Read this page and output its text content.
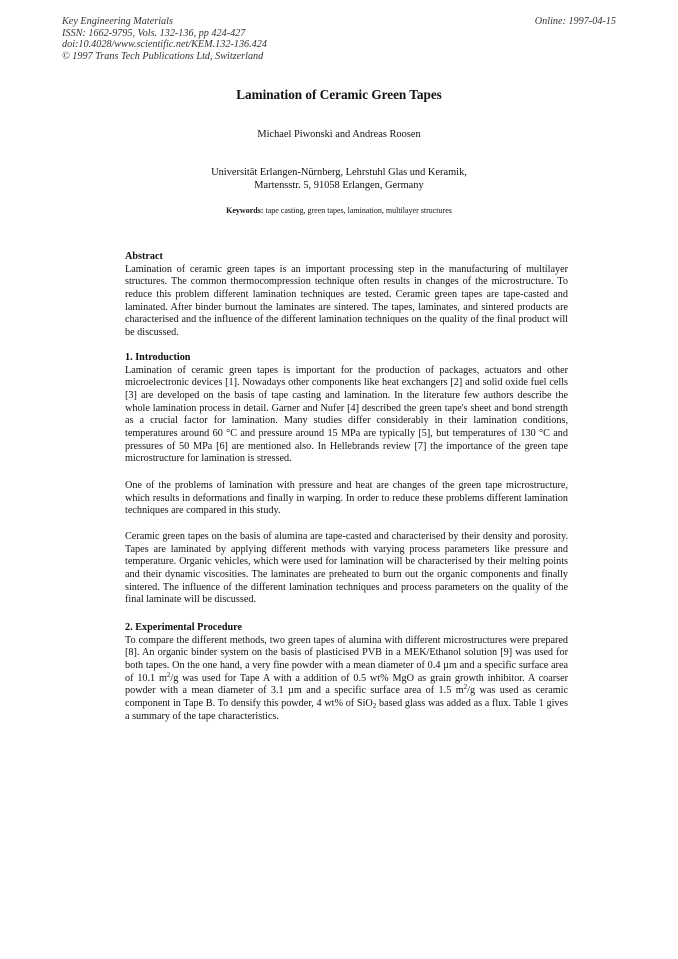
Key Engineering Materials
ISSN: 1662-9795, Vols. 132-136, pp 424-427
doi:10.4028/www.scientific.net/KEM.132-136.424
© 1997 Trans Tech Publications Ltd, Switzerland
Online: 1997-04-15
Lamination of Ceramic Green Tapes
Michael Piwonski and Andreas Roosen
Universität Erlangen-Nürnberg, Lehrstuhl Glas und Keramik,
Martensstr. 5, 91058 Erlangen, Germany
Keywords: tape casting, green tapes, lamination, multilayer structures
Abstract

Lamination of ceramic green tapes is an important processing step in the manufacturing of multilayer structures. The common thermocompression technique often results in changes of the microstructure. To reduce this problem different lamination techniques are tested. Ceramic green tapes are tape-casted and laminated. After binder burnout the laminates are sintered. The tapes, laminates, and sintered products are characterised and the influence of the different lamination techniques on the quality of the final product will be discussed.

1. Introduction

Lamination of ceramic green tapes is important for the production of packages, actuators and other microelectronic devices [1]. Nowadays other components like heat exchangers [2] and solid oxide fuel cells [3] are developed on the basis of tape casting and lamination. In the literature few authors describe the whole lamination process in detail. Garner and Nufer [4] described the green tape's sheet and bond strength as a crucial factor for lamination. Many studies differ considerably in their lamination conditions, temperatures around 60 °C and pressure around 15 MPa are typically [5], but temperatures of 130 °C and pressures of 50 MPa [6] are mentioned also. In Hellebrands review [7] the importance of the green tape microstructure for lamination is stressed.

One of the problems of lamination with pressure and heat are changes of the green tape microstructure, which results in deformations and finally in warping. In order to reduce these problems different lamination techniques are compared in this study.

Ceramic green tapes on the basis of alumina are tape-casted and characterised by their density and porosity. Tapes are laminated by applying different methods with varying process parameters like pressure and temperature. Organic vehicles, which were used for lamination will be characterised by their melting points and their dynamic viscosities. The laminates are preheated to burn out the organic components and finally sintered. The influence of the different lamination techniques and process parameters on the quality of the final laminate will be discussed.

2. Experimental Procedure

To compare the different methods, two green tapes of alumina with different microstructures were prepared [8]. An organic binder system on the basis of plasticised PVB in a MEK/Ethanol solution [9] was used for both tapes. On the one hand, a very fine powder with a mean diameter of 0.4 µm and a specific surface area of 10.1 $m^2/g$ was used for Tape A with a addition of 0.5 wt% MgO as grain growth inhibitor. A coarser powder with a mean diameter of 3.1 µm and a specific surface area of 1.5 $m^2/g$ was used as ceramic component in Tape B. To densify this powder, 4 wt% of SiO$_2$ based glass was added as a flux. Table 1 gives a summary of the tape characteristics.
